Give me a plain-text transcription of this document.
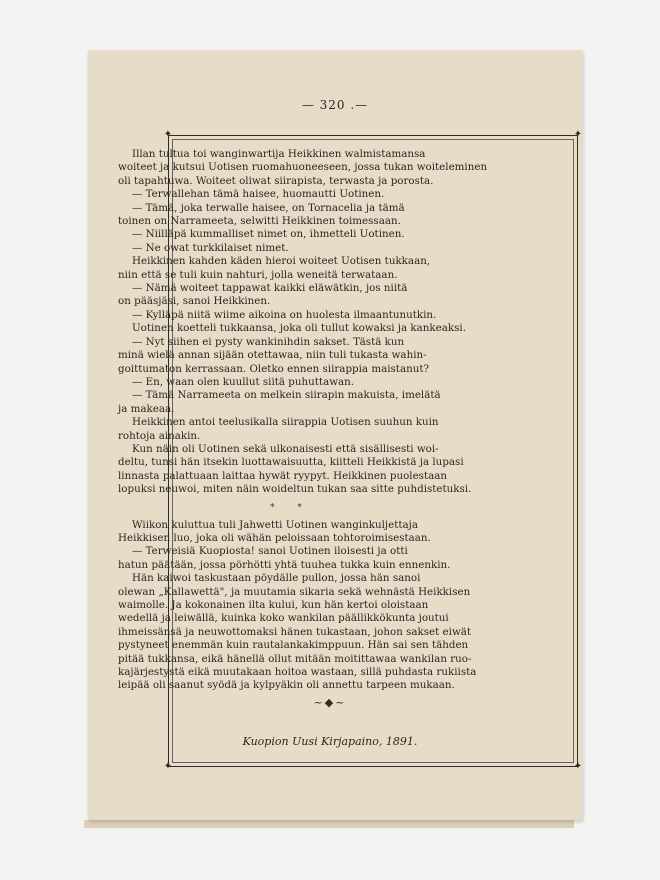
— 320 .—
✦	✦
✦	✦
Illan tultua toi wanginwartija Heikkinen walmistamansa
woiteet ja kutsui Uotisen ruomahuoneeseen, jossa tukan woiteleminen
oli tapahtuwa. Woiteet oliwat siirapista, terwasta ja porosta.
— Terwallehan tämä haisee, huomautti Uotinen.
— Tämä, joka terwalle haisee, on Tornacelia ja tämä
toinen on Narrameeta, selwitti Heikkinen toimessaan.
— Niilläpä kummalliset nimet on, ihmetteli Uotinen.
— Ne owat turkkilaiset nimet.
Heikkinen kahden käden hieroi woiteet Uotisen tukkaan,
niin että se tuli kuin nahturi, jolla weneitä terwataan.
— Nämä woiteet tappawat kaikki eläwätkin, jos niitä
on pääsjäsi, sanoi Heikkinen.
— Kylläpä niitä wiime aikoina on huolesta ilmaantunutkin.
Uotinen koetteli tukkaansa, joka oli tullut kowaksi ja kankeaksi.
— Nyt siihen ei pysty wankinihdin sakset. Tästä kun
minä wielä annan sijään otettawaa, niin tuli tukasta wahin-
goittumaton kerrassaan. Oletko ennen siirappia maistanut?
— En, waan olen kuullut siitä puhuttawan.
— Tämä Narrameeta on melkein siirapin makuista, imelätä
ja makeaa.
Heikkinen antoi teelusikalla siirappia Uotisen suuhun kuin
rohtoja ainakin.
Kun näin oli Uotinen sekä ulkonaisesti että sisällisesti woi-
deltu, tunsi hän itsekin luottawaisuutta, kiitteli Heikkistä ja lupasi
linnasta palattuaan laittaa hywät ryypyt. Heikkinen puolestaan
lopuksi neuwoi, miten näin woideltun tukan saa sitte puhdistetuksi.
* *
Wiikon kuluttua tuli Jahwetti Uotinen wanginkuljettaja
Heikkisen luo, joka oli wähän peloissaan tohtoroimisestaan.
— Terweisiä Kuopiosta! sanoi Uotinen iloisesti ja otti
hatun päätään, jossa pörhötti yhtä tuuhea tukka kuin ennenkin.
Hän kaiwoi taskustaan pöydälle pullon, jossa hän sanoi
olewan „Kallawettä", ja muutamia sikaria sekä wehnästä Heikkisen
waimolle. Ja kokonainen ilta kului, kun hän kertoi oloistaan
wedellä ja leiwällä, kuinka koko wankilan päällikkökunta joutui
ihmeissänsä ja neuwottomaksi hänen tukastaan, johon sakset eiwät
pystyneet enemmän kuin rautalankakimppuun. Hän sai sen tähden
pitää tukkansa, eikä hänellä ollut mitään moitittawaa wankilan ruo-
kajärjestystä eikä muutakaan hoitoa wastaan, sillä puhdasta rukiista
leipää oli saanut syödä ja kylpyäkin oli annettu tarpeen mukaan.
~◆~
Kuopion Uusi Kirjapaino, 1891.
